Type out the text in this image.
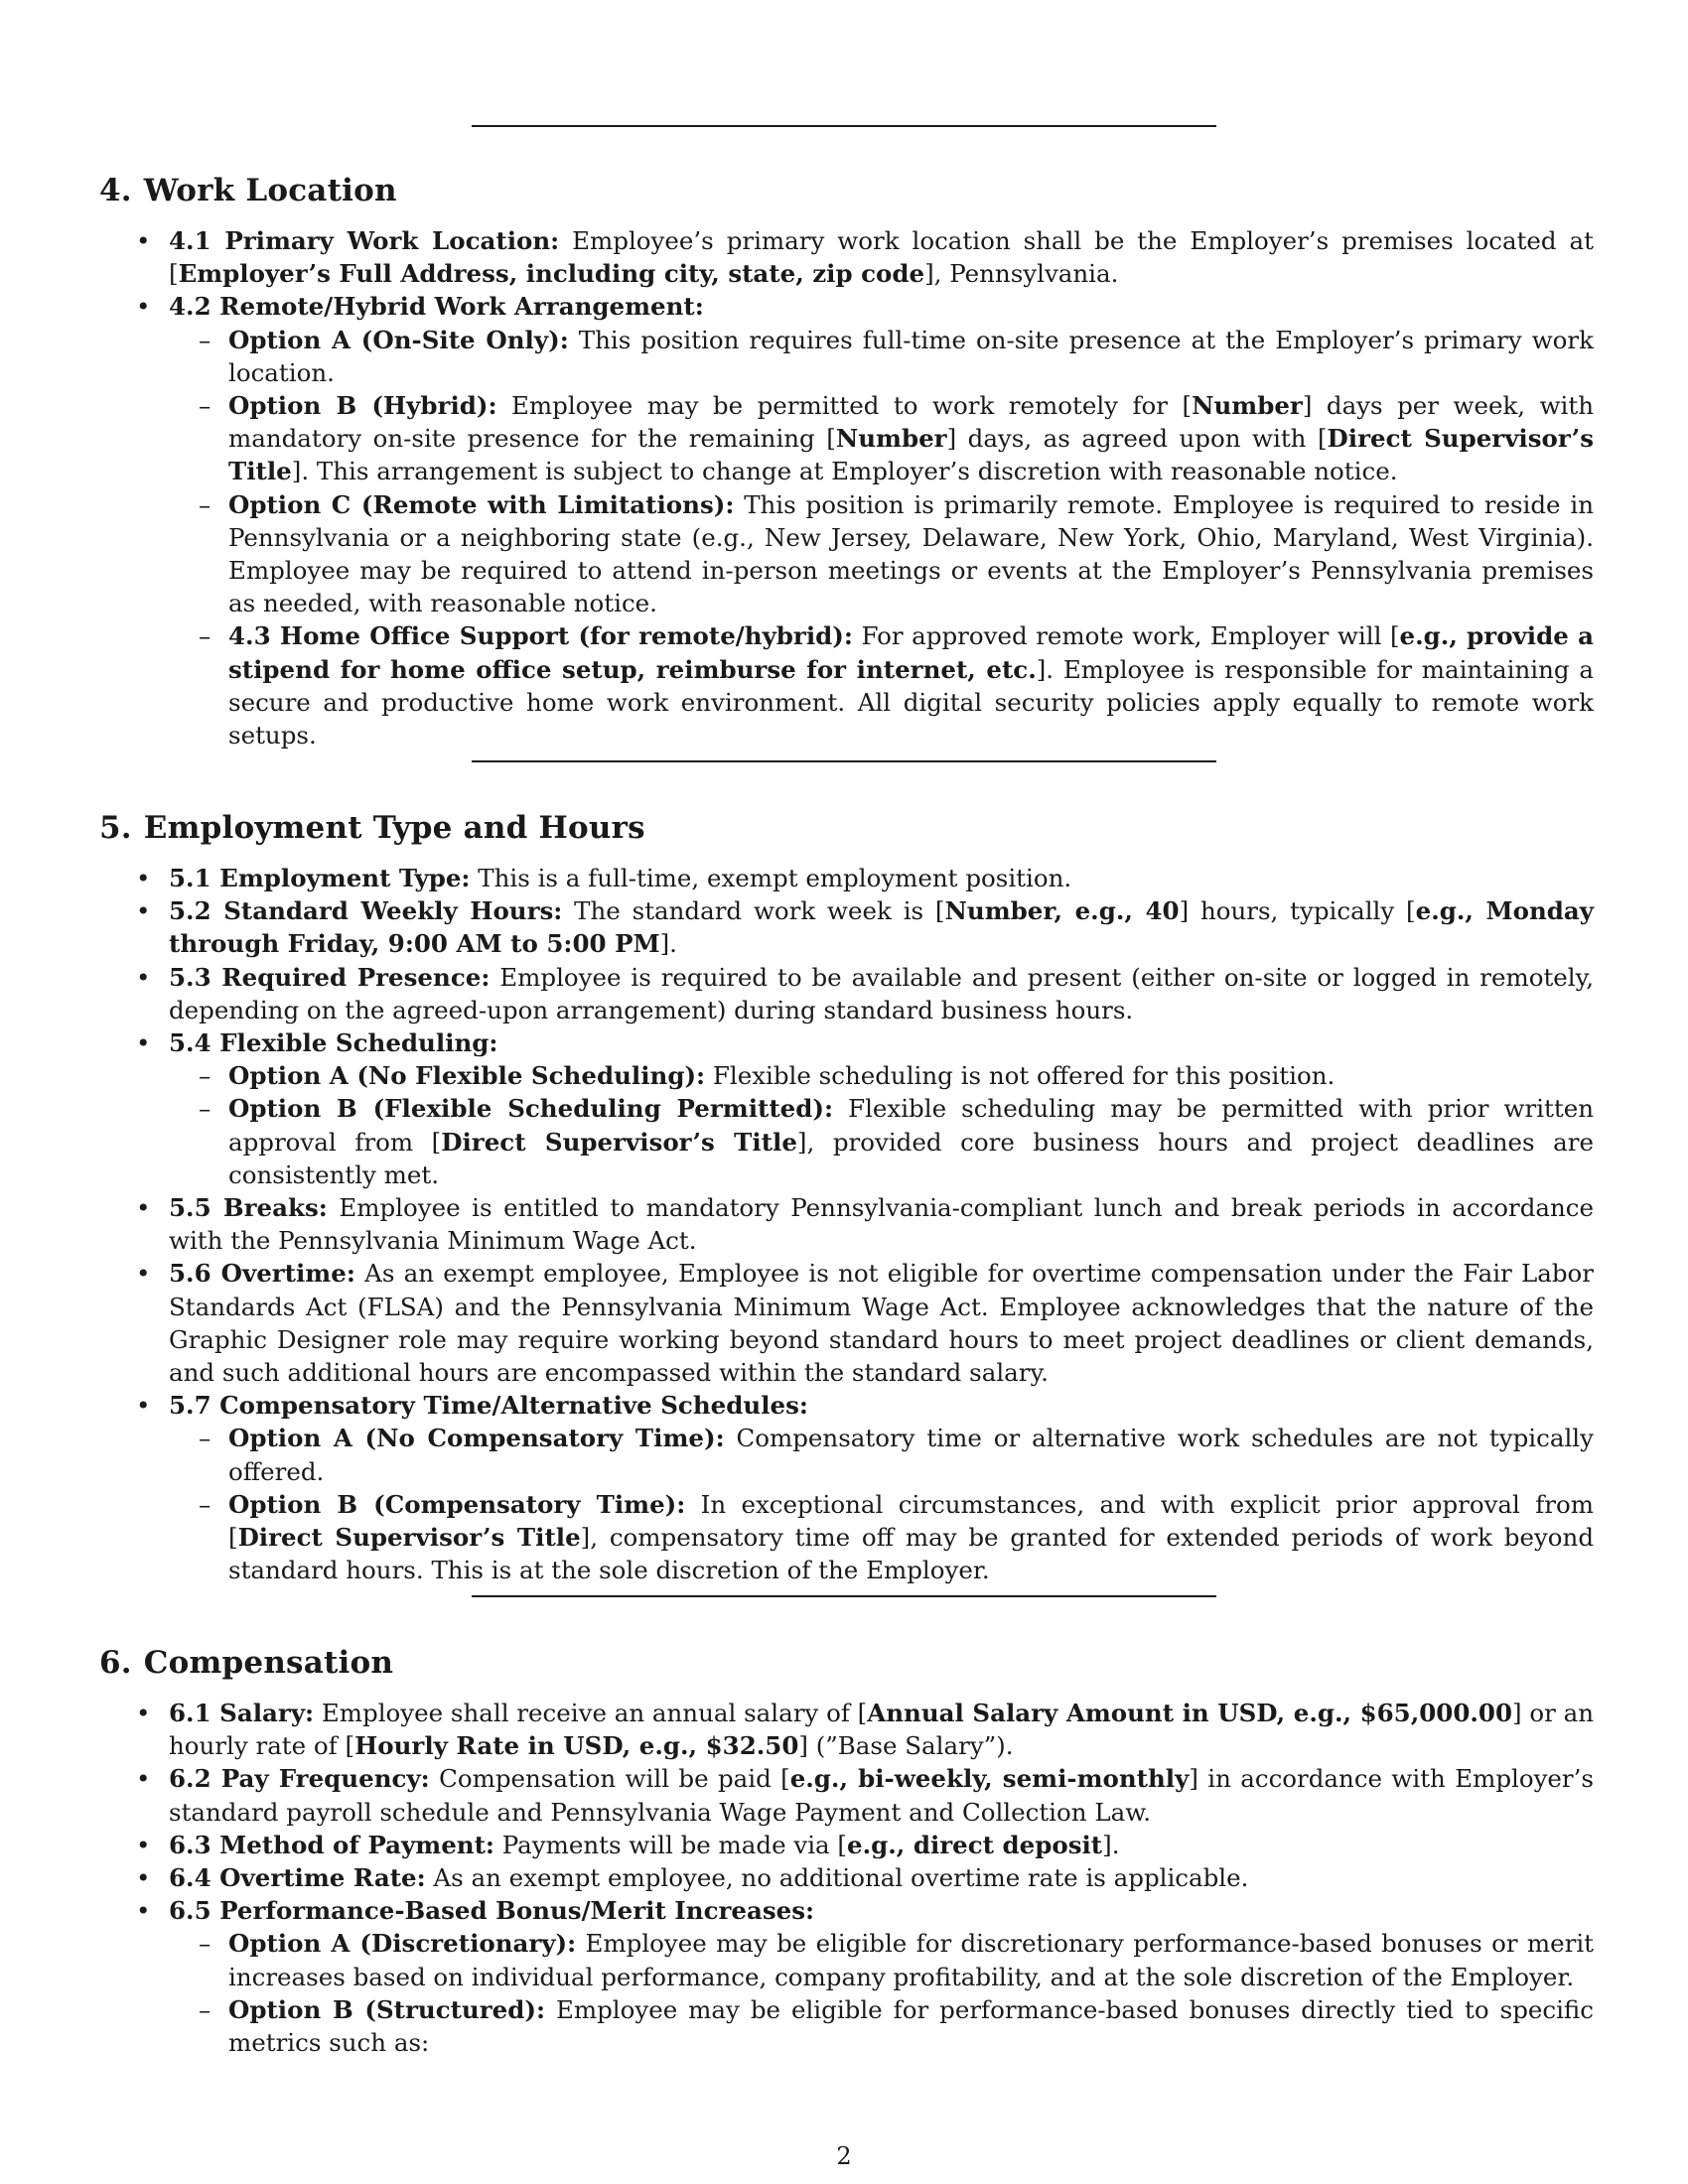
4. Work Location
• 4.1 Primary Work Location: Employee’s primary work location shall be the Employer’s premises located at [Employer’s Full Address, including city, state, zip code], Pennsylvania.
• 4.2 Remote/Hybrid Work Arrangement:
– Option A (On-Site Only): This position requires full-time on-site presence at the Employer’s primary work location.
– Option B (Hybrid): Employee may be permitted to work remotely for [Number] days per week, with mandatory on-site presence for the remaining [Number] days, as agreed upon with [Direct Supervisor’s Title]. This arrangement is subject to change at Employer’s discretion with reasonable notice.
– Option C (Remote with Limitations): This position is primarily remote. Employee is required to reside in Pennsylvania or a neighboring state (e.g., New Jersey, Delaware, New York, Ohio, Maryland, West Virginia). Employee may be required to attend in-person meetings or events at the Employer’s Pennsylvania premises as needed, with reasonable notice.
– 4.3 Home Office Support (for remote/hybrid): For approved remote work, Employer will [e.g., provide a stipend for home office setup, reimburse for internet, etc.]. Employee is responsible for maintaining a secure and productive home work environment. All digital security policies apply equally to remote work setups.
5. Employment Type and Hours
• 5.1 Employment Type: This is a full-time, exempt employment position.
• 5.2 Standard Weekly Hours: The standard work week is [Number, e.g., 40] hours, typically [e.g., Monday through Friday, 9:00 AM to 5:00 PM].
• 5.3 Required Presence: Employee is required to be available and present (either on-site or logged in remotely, depending on the agreed-upon arrangement) during standard business hours.
• 5.4 Flexible Scheduling:
– Option A (No Flexible Scheduling): Flexible scheduling is not offered for this position.
– Option B (Flexible Scheduling Permitted): Flexible scheduling may be permitted with prior written approval from [Direct Supervisor’s Title], provided core business hours and project deadlines are consistently met.
• 5.5 Breaks: Employee is entitled to mandatory Pennsylvania-compliant lunch and break periods in accordance with the Pennsylvania Minimum Wage Act.
• 5.6 Overtime: As an exempt employee, Employee is not eligible for overtime compensation under the Fair Labor Standards Act (FLSA) and the Pennsylvania Minimum Wage Act. Employee acknowledges that the nature of the Graphic Designer role may require working beyond standard hours to meet project deadlines or client demands, and such additional hours are encompassed within the standard salary.
• 5.7 Compensatory Time/Alternative Schedules:
– Option A (No Compensatory Time): Compensatory time or alternative work schedules are not typically offered.
– Option B (Compensatory Time): In exceptional circumstances, and with explicit prior approval from [Direct Supervisor’s Title], compensatory time off may be granted for extended periods of work beyond standard hours. This is at the sole discretion of the Employer.
6. Compensation
• 6.1 Salary: Employee shall receive an annual salary of [Annual Salary Amount in USD, e.g., $65,000.00] or an hourly rate of [Hourly Rate in USD, e.g., $32.50] (”Base Salary”).
• 6.2 Pay Frequency: Compensation will be paid [e.g., bi-weekly, semi-monthly] in accordance with Employer’s standard payroll schedule and Pennsylvania Wage Payment and Collection Law.
• 6.3 Method of Payment: Payments will be made via [e.g., direct deposit].
• 6.4 Overtime Rate: As an exempt employee, no additional overtime rate is applicable.
• 6.5 Performance-Based Bonus/Merit Increases:
– Option A (Discretionary): Employee may be eligible for discretionary performance-based bonuses or merit increases based on individual performance, company profitability, and at the sole discretion of the Employer.
– Option B (Structured): Employee may be eligible for performance-based bonuses directly tied to specific metrics such as:
2
